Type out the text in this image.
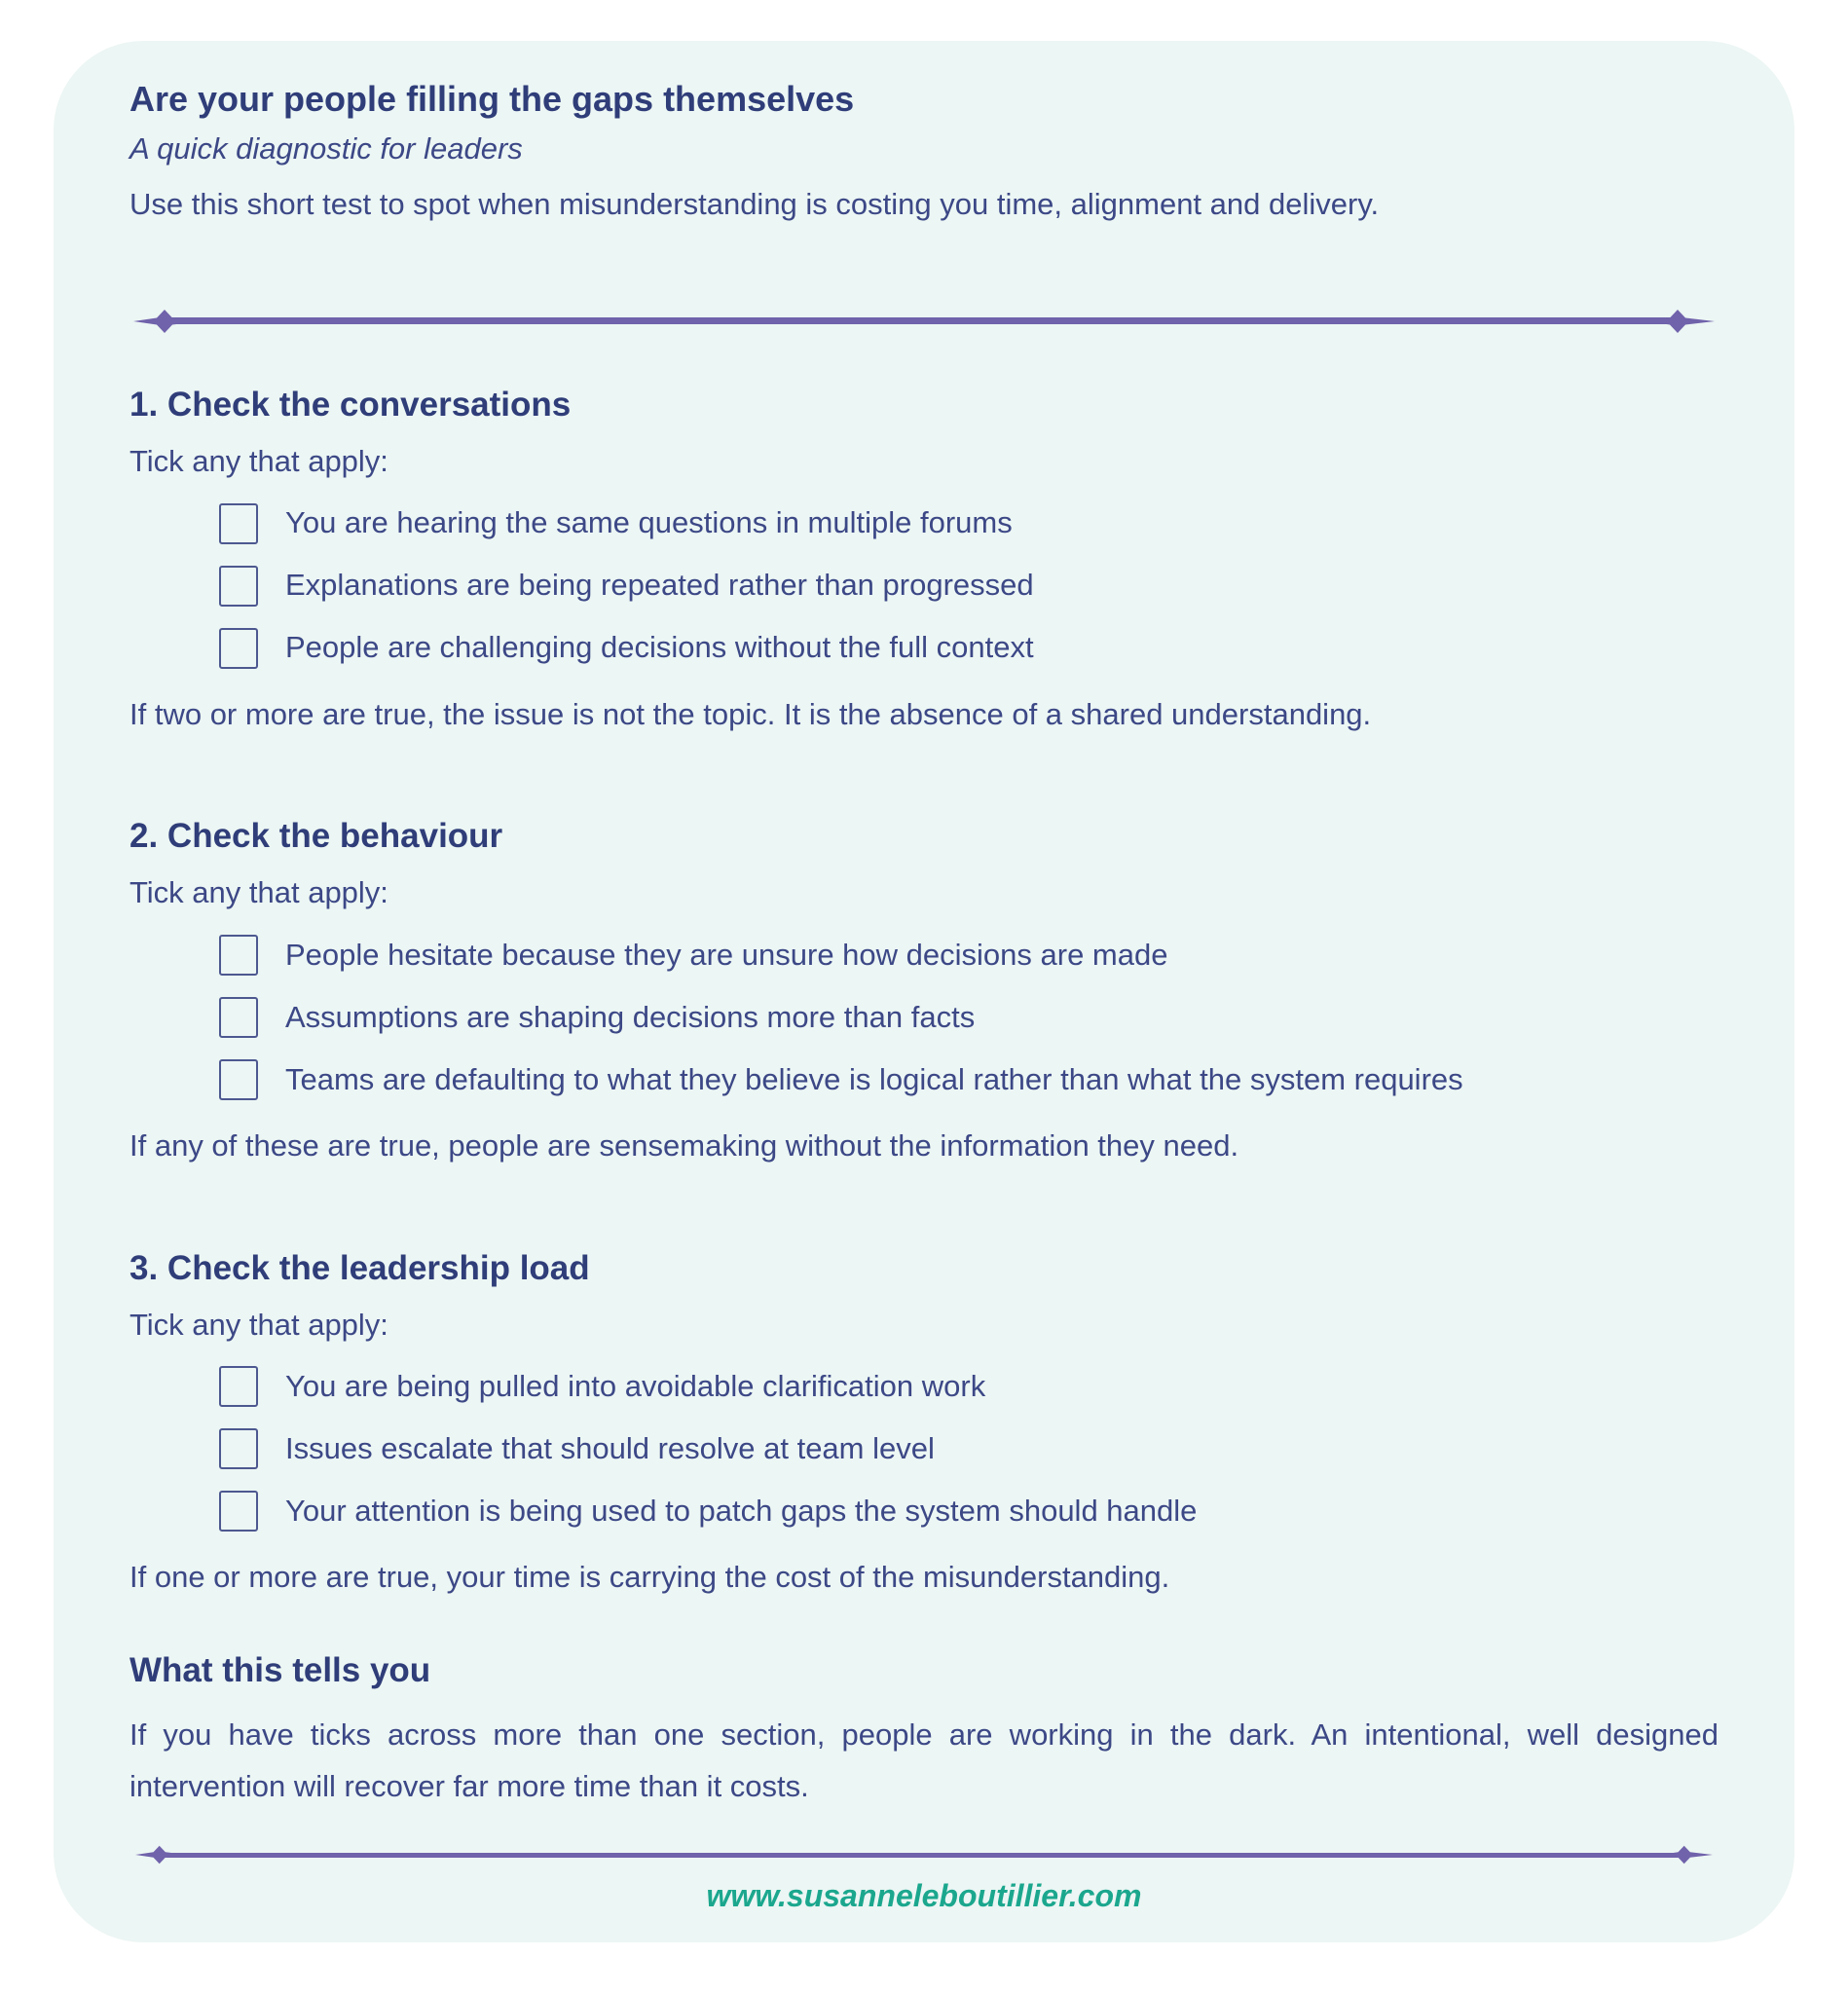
Are your people filling the gaps themselves

A quick diagnostic for leaders

Use this short test to spot when misunderstanding is costing you time, alignment and delivery.

1. Check the conversations

Tick any that apply:

You are hearing the same questions in multiple forums
Explanations are being repeated rather than progressed
People are challenging decisions without the full context

If two or more are true, the issue is not the topic. It is the absence of a shared understanding.

2. Check the behaviour

Tick any that apply:

People hesitate because they are unsure how decisions are made
Assumptions are shaping decisions more than facts
Teams are defaulting to what they believe is logical rather than what the system requires

If any of these are true, people are sensemaking without the information they need.

3. Check the leadership load

Tick any that apply:

You are being pulled into avoidable clarification work
Issues escalate that should resolve at team level
Your attention is being used to patch gaps the system should handle

If one or more are true, your time is carrying the cost of the misunderstanding.

What this tells you

If you have ticks across more than one section, people are working in the dark. An intentional, well designed intervention will recover far more time than it costs.

www.susanneleboutillier.com
